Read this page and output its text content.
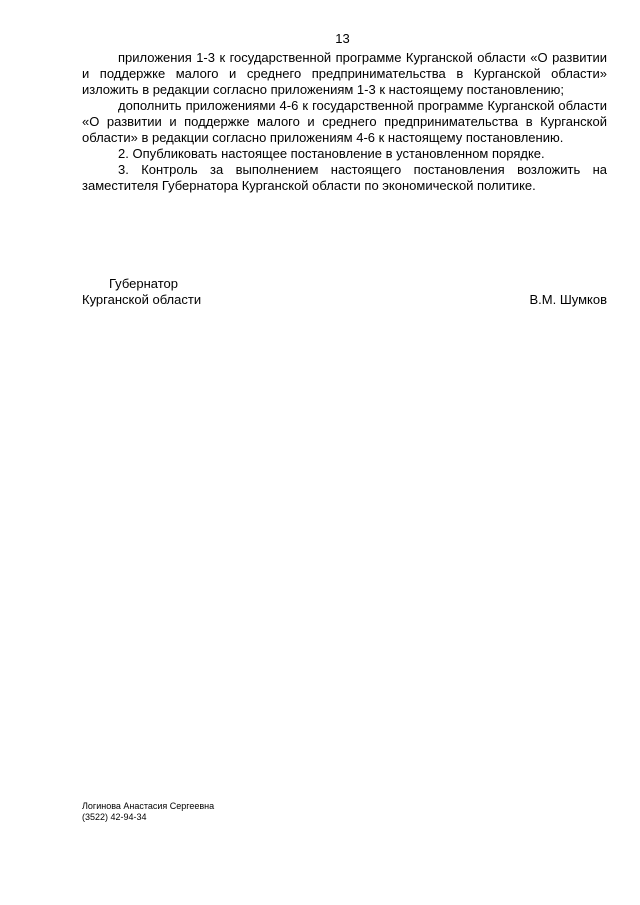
13

приложения 1-3 к государственной программе Курганской области «О развитии и поддержке малого и среднего предпринимательства в Курганской области» изложить в редакции согласно приложениям 1-3 к настоящему постановлению;

дополнить приложениями 4-6 к государственной программе Курганской области «О развитии и поддержке малого и среднего предпринимательства в Курганской области» в редакции согласно приложениям 4-6 к настоящему постановлению.

2. Опубликовать настоящее постановление в установленном порядке.

3. Контроль за выполнением настоящего постановления возложить на заместителя Губернатора Курганской области по экономической политике.

Губернатор
Курганской области	В.М. Шумков
Логинова Анастасия Сергеевна
(3522) 42-94-34
